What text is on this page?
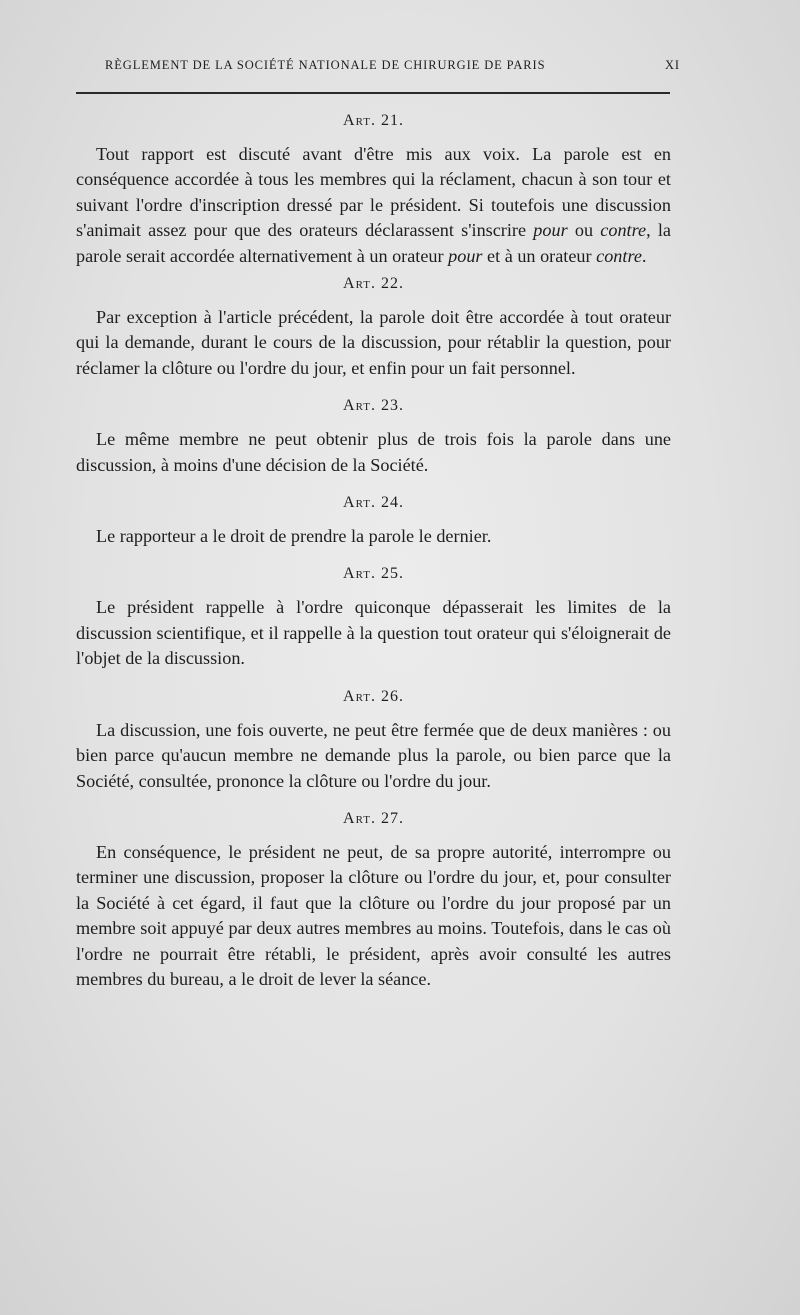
RÈGLEMENT DE LA SOCIÉTÉ NATIONALE DE CHIRURGIE DE PARIS	XI
Art. 21.

Tout rapport est discuté avant d'être mis aux voix. La parole est en conséquence accordée à tous les membres qui la réclament, chacun à son tour et suivant l'ordre d'inscription dressé par le président. Si toutefois une discussion s'animait assez pour que des orateurs déclarassent s'inscrire pour ou contre, la parole serait accordée alternativement à un orateur pour et à un orateur contre.

Art. 22.

Par exception à l'article précédent, la parole doit être accordée à tout orateur qui la demande, durant le cours de la discussion, pour rétablir la question, pour réclamer la clôture ou l'ordre du jour, et enfin pour un fait personnel.

Art. 23.

Le même membre ne peut obtenir plus de trois fois la parole dans une discussion, à moins d'une décision de la Société.

Art. 24.

Le rapporteur a le droit de prendre la parole le dernier.

Art. 25.

Le président rappelle à l'ordre quiconque dépasserait les limites de la discussion scientifique, et il rappelle à la question tout orateur qui s'éloignerait de l'objet de la discussion.

Art. 26.

La discussion, une fois ouverte, ne peut être fermée que de deux manières : ou bien parce qu'aucun membre ne demande plus la parole, ou bien parce que la Société, consultée, prononce la clôture ou l'ordre du jour.

Art. 27.

En conséquence, le président ne peut, de sa propre autorité, interrompre ou terminer une discussion, proposer la clôture ou l'ordre du jour, et, pour consulter la Société à cet égard, il faut que la clôture ou l'ordre du jour proposé par un membre soit appuyé par deux autres membres au moins. Toutefois, dans le cas où l'ordre ne pourrait être rétabli, le président, après avoir consulté les autres membres du bureau, a le droit de lever la séance.
